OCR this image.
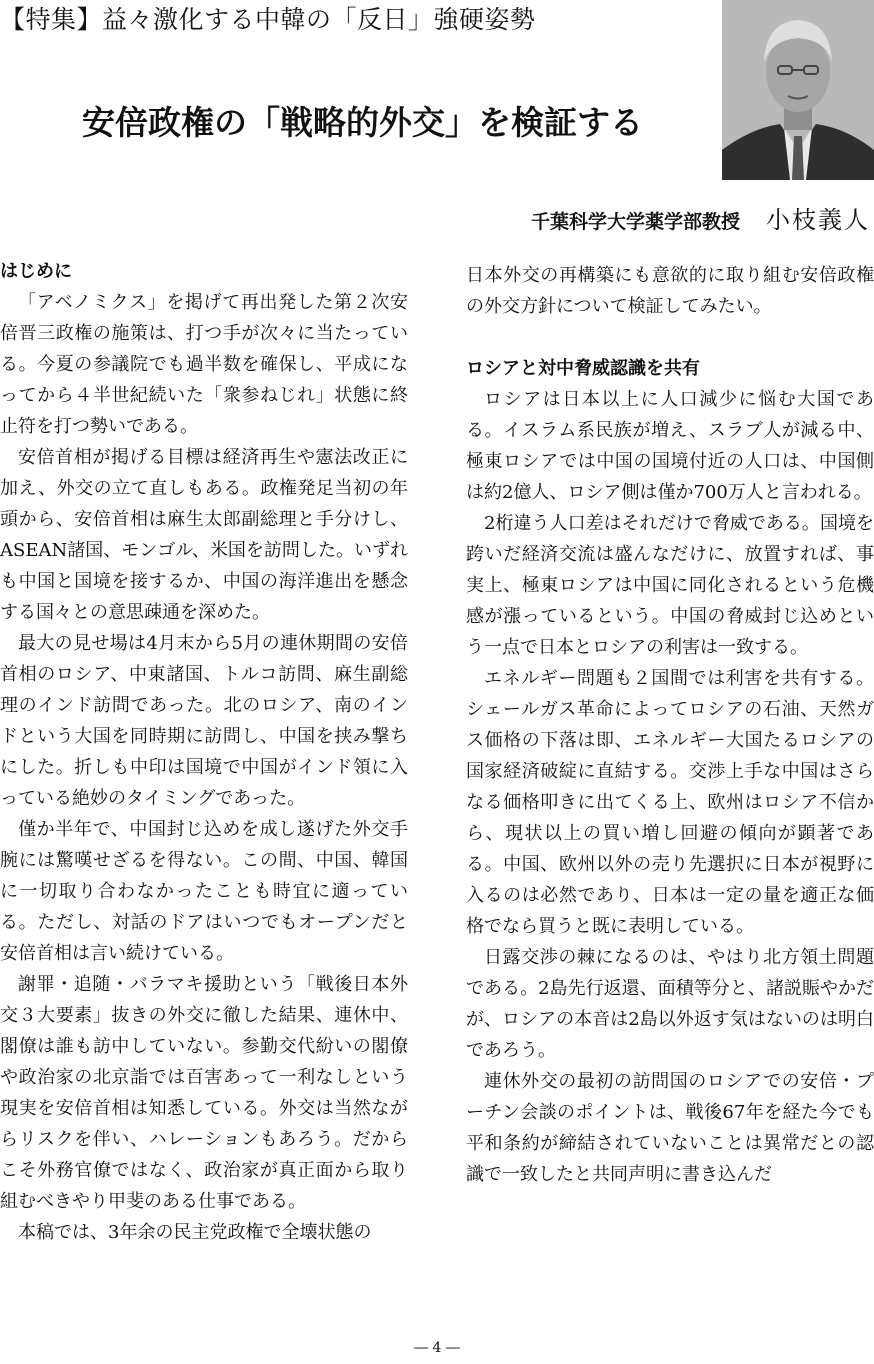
【特集】益々激化する中韓の「反日」強硬姿勢
安倍政権の「戦略的外交」を検証する
千葉科学大学薬学部教授 小枝義人
はじめに

「アベノミクス」を掲げて再出発した第２次安倍晋三政権の施策は、打つ手が次々に当たっている。今夏の参議院でも過半数を確保し、平成になってから４半世紀続いた「衆参ねじれ」状態に終止符を打つ勢いである。

安倍首相が掲げる目標は経済再生や憲法改正に加え、外交の立て直しもある。政権発足当初の年頭から、安倍首相は麻生太郎副総理と手分けし、ASEAN諸国、モンゴル、米国を訪問した。いずれも中国と国境を接するか、中国の海洋進出を懸念する国々との意思疎通を深めた。

最大の見せ場は4月末から5月の連休期間の安倍首相のロシア、中東諸国、トルコ訪問、麻生副総理のインド訪問であった。北のロシア、南のインドという大国を同時期に訪問し、中国を挟み撃ちにした。折しも中印は国境で中国がインド領に入っている絶妙のタイミングであった。

僅か半年で、中国封じ込めを成し遂げた外交手腕には驚嘆せざるを得ない。この間、中国、韓国に一切取り合わなかったことも時宜に適っている。ただし、対話のドアはいつでもオープンだと安倍首相は言い続けている。

謝罪・追随・バラマキ援助という「戦後日本外交３大要素」抜きの外交に徹した結果、連休中、閣僚は誰も訪中していない。参勤交代紛いの閣僚や政治家の北京詣では百害あって一利なしという現実を安倍首相は知悉している。外交は当然ながらリスクを伴い、ハレーションもあろう。だからこそ外務官僚ではなく、政治家が真正面から取り組むべきやり甲斐のある仕事である。

本稿では、3年余の民主党政権で全壊状態の

日本外交の再構築にも意欲的に取り組む安倍政権の外交方針について検証してみたい。

ロシアと対中脅威認識を共有

ロシアは日本以上に人口減少に悩む大国である。イスラム系民族が増え、スラブ人が減る中、極東ロシアでは中国の国境付近の人口は、中国側は約2億人、ロシア側は僅か700万人と言われる。

2桁違う人口差はそれだけで脅威である。国境を跨いだ経済交流は盛んなだけに、放置すれば、事実上、極東ロシアは中国に同化されるという危機感が漲っているという。中国の脅威封じ込めという一点で日本とロシアの利害は一致する。

エネルギー問題も２国間では利害を共有する。シェールガス革命によってロシアの石油、天然ガス価格の下落は即、エネルギー大国たるロシアの国家経済破綻に直結する。交渉上手な中国はさらなる価格叩きに出てくる上、欧州はロシア不信から、現状以上の買い増し回避の傾向が顕著である。中国、欧州以外の売り先選択に日本が視野に入るのは必然であり、日本は一定の量を適正な価格でなら買うと既に表明している。

日露交渉の棘になるのは、やはり北方領土問題である。2島先行返還、面積等分と、諸説賑やかだが、ロシアの本音は2島以外返す気はないのは明白であろう。

連休外交の最初の訪問国のロシアでの安倍・プーチン会談のポイントは、戦後67年を経た今でも平和条約が締結されていないことは異常だとの認識で一致したと共同声明に書き込んだ

― 4 ―
